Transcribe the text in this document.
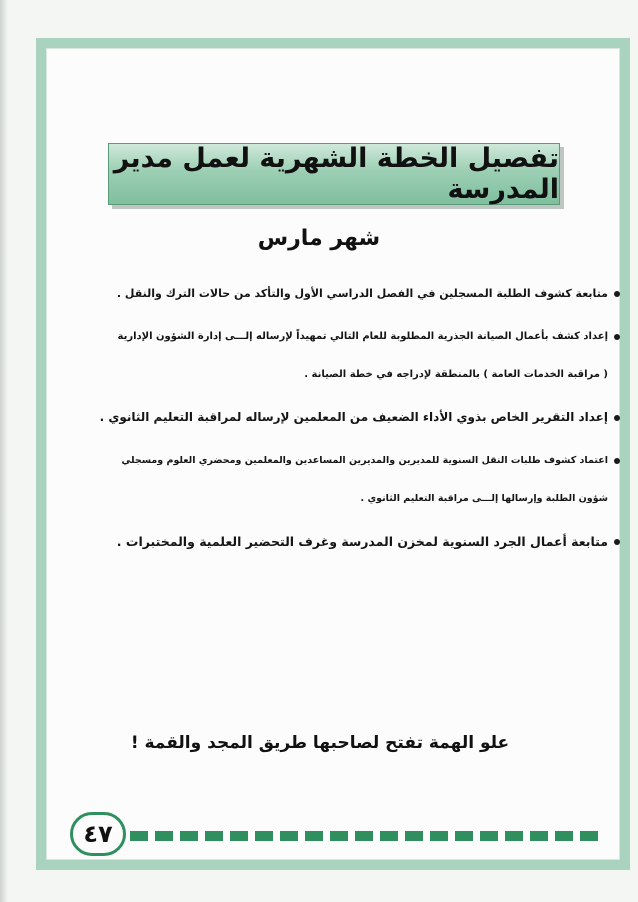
تفصيل الخطة الشهرية لعمل مدير المدرسة
شهر مارس
متابعة كشوف الطلبة المسجلين في الفصل الدراسي الأول والتأكد من حالات الترك والنقل .
إعداد كشف بأعمال الصيانة الجذرية المطلوبة للعام التالي تمهيداً لإرساله إلـــى إدارة الشؤون الإدارية
( مراقبة الخدمات العامة ) بالمنطقة لإدراجه في خطة الصيانة .
إعداد التقرير الخاص بذوي الأداء الضعيف من المعلمين لإرساله لمراقبة التعليم الثانوي .
اعتماد كشوف طلبات النقل السنوية للمديرين والمديرين المساعدين والمعلمين ومحضري العلوم ومسجلي
شؤون الطلبة وإرسالها إلـــى مراقبة التعليم الثانوي .
متابعة أعمال الجرد السنوية لمخزن المدرسة وغرف التحضير العلمية والمختبرات .
علو الهمة تفتح لصاحبها طريق المجد والقمة !
٤٧
